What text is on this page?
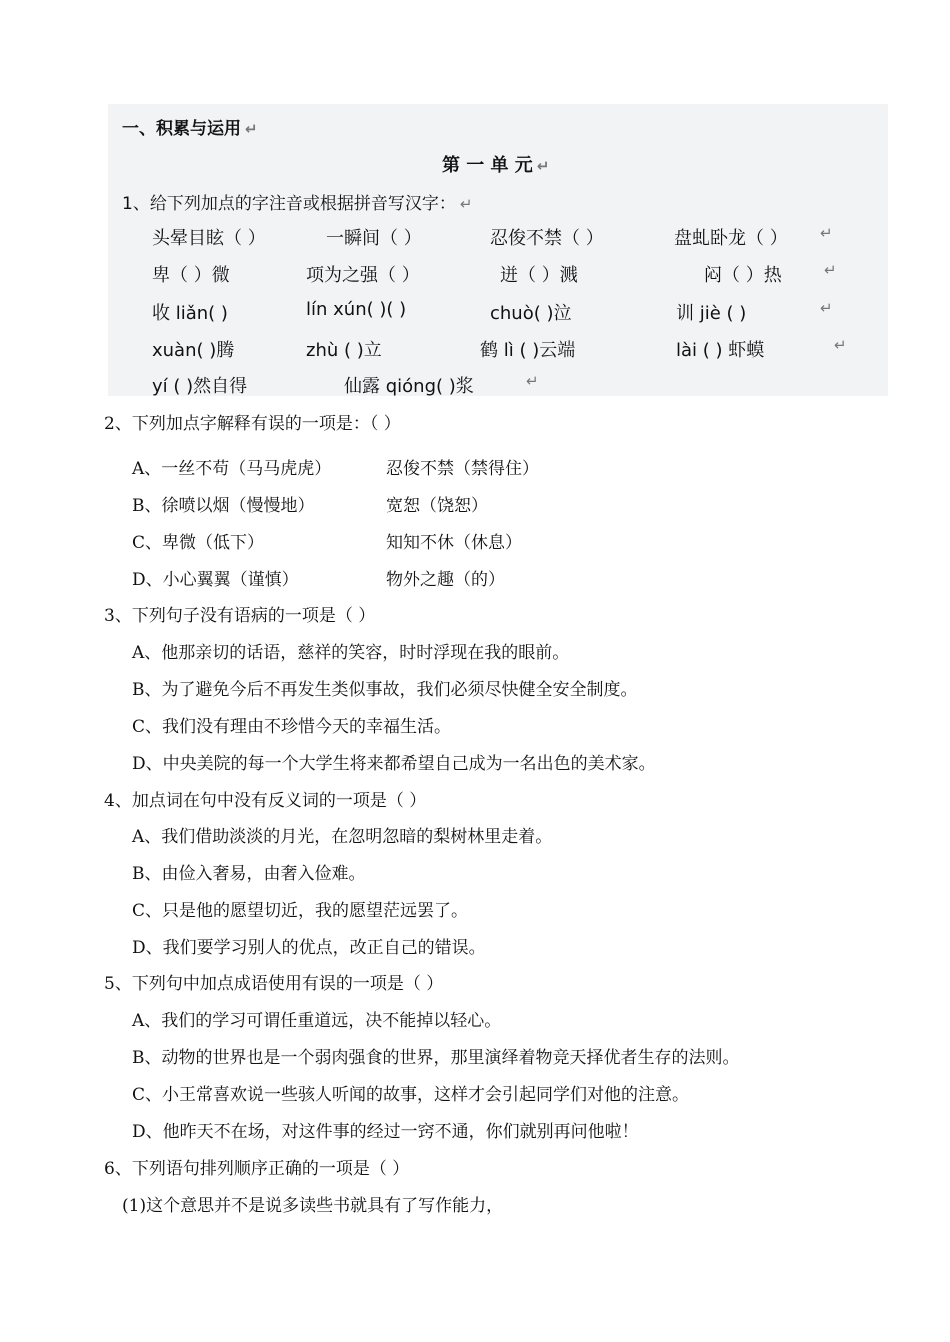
一、积累与运用 ↵
第 一 单 元 ↵
1、给下列加点的字注音或根据拼音写汉字： ↵
头晕目眩（ ）	一瞬间（ ）	忍俊不禁（ ）	盘虬卧龙（ ） ↵
卑（ ）微	项为之强（ ）	迸（ ）溅	闷（ ）热	↵
收 liǎn( )	lín xún( )( )	chuò( )泣	训 jiè ( )	↵
xuàn( )腾	zhù ( )立	鹤 lì ( )云端	lài ( ) 虾蟆	↵
yí ( )然自得	仙露 qióng( )浆	↵
2、下列加点字解释有误的一项是：（ ）
A、一丝不苟（马马虎虎）	忍俊不禁（禁得住）
B、徐喷以烟（慢慢地）	宽恕（饶恕）
C、卑微（低下）	知知不休（休息）
D、小心翼翼（谨慎）	物外之趣（的）
3、下列句子没有语病的一项是（ ）
A、他那亲切的话语，慈祥的笑容，时时浮现在我的眼前。
B、为了避免今后不再发生类似事故，我们必须尽快健全安全制度。
C、我们没有理由不珍惜今天的幸福生活。
D、中央美院的每一个大学生将来都希望自己成为一名出色的美术家。
4、加点词在句中没有反义词的一项是（ ）
A、我们借助淡淡的月光，在忽明忽暗的梨树林里走着。
B、由俭入奢易，由奢入俭难。
C、只是他的愿望切近，我的愿望茫远罢了。
D、我们要学习别人的优点，改正自己的错误。
5、下列句中加点成语使用有误的一项是（ ）
A、我们的学习可谓任重道远，决不能掉以轻心。
B、动物的世界也是一个弱肉强食的世界，那里演绎着物竞天择优者生存的法则。
C、小王常喜欢说一些骇人听闻的故事，这样才会引起同学们对他的注意。
D、他昨天不在场，对这件事的经过一窍不通，你们就别再问他啦！
6、下列语句排列顺序正确的一项是（ ）
(1)这个意思并不是说多读些书就具有了写作能力，
